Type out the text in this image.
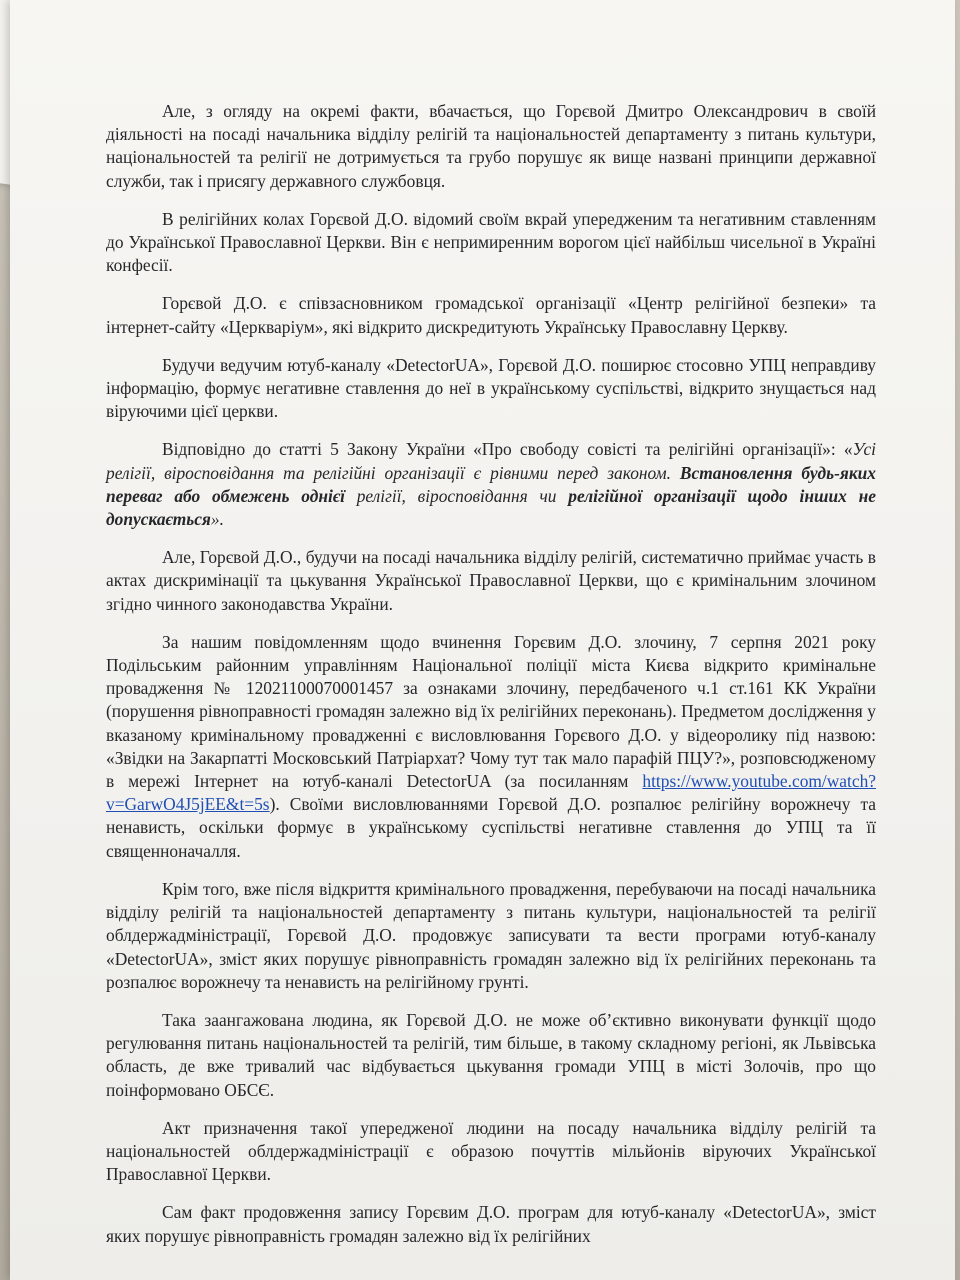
Але, з огляду на окремі факти, вбачається, що Горєвой Дмитро Олександрович в своїй діяльності на посаді начальника відділу релігій та національностей департаменту з питань культури, національностей та релігії не дотримується та грубо порушує як вище названі принципи державної служби, так і присягу державного службовця.

В релігійних колах Горєвой Д.О. відомий своїм вкрай упередженим та негативним ставленням до Української Православної Церкви. Він є непримиренним ворогом цієї найбільш чисельної в Україні конфесії.

Горєвой Д.О. є співзасновником громадської організації «Центр релігійної безпеки» та інтернет-сайту «Церкваріум», які відкрито дискредитують Українську Православну Церкву.

Будучи ведучим ютуб-каналу «DetectorUA», Горєвой Д.О. поширює стосовно УПЦ неправдиву інформацію, формує негативне ставлення до неї в українському суспільстві, відкрито знущається над віруючими цієї церкви.

Відповідно до статті 5 Закону України «Про свободу совісті та релігійні організації»: «Усі релігії, віросповідання та релігійні організації є рівними перед законом. Встановлення будь-яких переваг або обмежень однієї релігії, віросповідання чи релігійної організації щодо інших не допускається».

Але, Горєвой Д.О., будучи на посаді начальника відділу релігій, систематично приймає участь в актах дискримінації та цькування Української Православної Церкви, що є кримінальним злочином згідно чинного законодавства України.

За нашим повідомленням щодо вчинення Горєвим Д.О. злочину, 7 серпня 2021 року Подільським районним управлінням Національної поліції міста Києва відкрито кримінальне провадження № 12021100070001457 за ознаками злочину, передбаченого ч.1 ст.161 КК України (порушення рівноправності громадян залежно від їх релігійних переконань). Предметом дослідження у вказаному кримінальному провадженні є висловлювання Горєвого Д.О. у відеоролику під назвою: «Звідки на Закарпатті Московський Патріархат? Чому тут так мало парафій ПЦУ?», розповсюдженому в мережі Інтернет на ютуб-каналі DetectorUA (за посиланням https://www.youtube.com/watch?v=GarwO4J5jEE&t=5s). Своїми висловлюваннями Горєвой Д.О. розпалює релігійну ворожнечу та ненависть, оскільки формує в українському суспільстві негативне ставлення до УПЦ та її священноначалля.

Крім того, вже після відкриття кримінального провадження, перебуваючи на посаді начальника відділу релігій та національностей департаменту з питань культури, національностей та релігії облдержадміністрації, Горєвой Д.О. продовжує записувати та вести програми ютуб-каналу «DetectorUA», зміст яких порушує рівноправність громадян залежно від їх релігійних переконань та розпалює ворожнечу та ненависть на релігійному грунті.

Така заангажована людина, як Горєвой Д.О. не може об’єктивно виконувати функції щодо регулювання питань національностей та релігій, тим більше, в такому складному регіоні, як Львівська область, де вже тривалий час відбувається цькування громади УПЦ в місті Золочів, про що поінформовано ОБСЄ.

Акт призначення такої упередженої людини на посаду начальника відділу релігій та національностей облдержадміністрації є образою почуттів мільйонів віруючих Української Православної Церкви.

Сам факт продовження запису Горєвим Д.О. програм для ютуб-каналу «DetectorUA», зміст яких порушує рівноправність громадян залежно від їх релігійних
